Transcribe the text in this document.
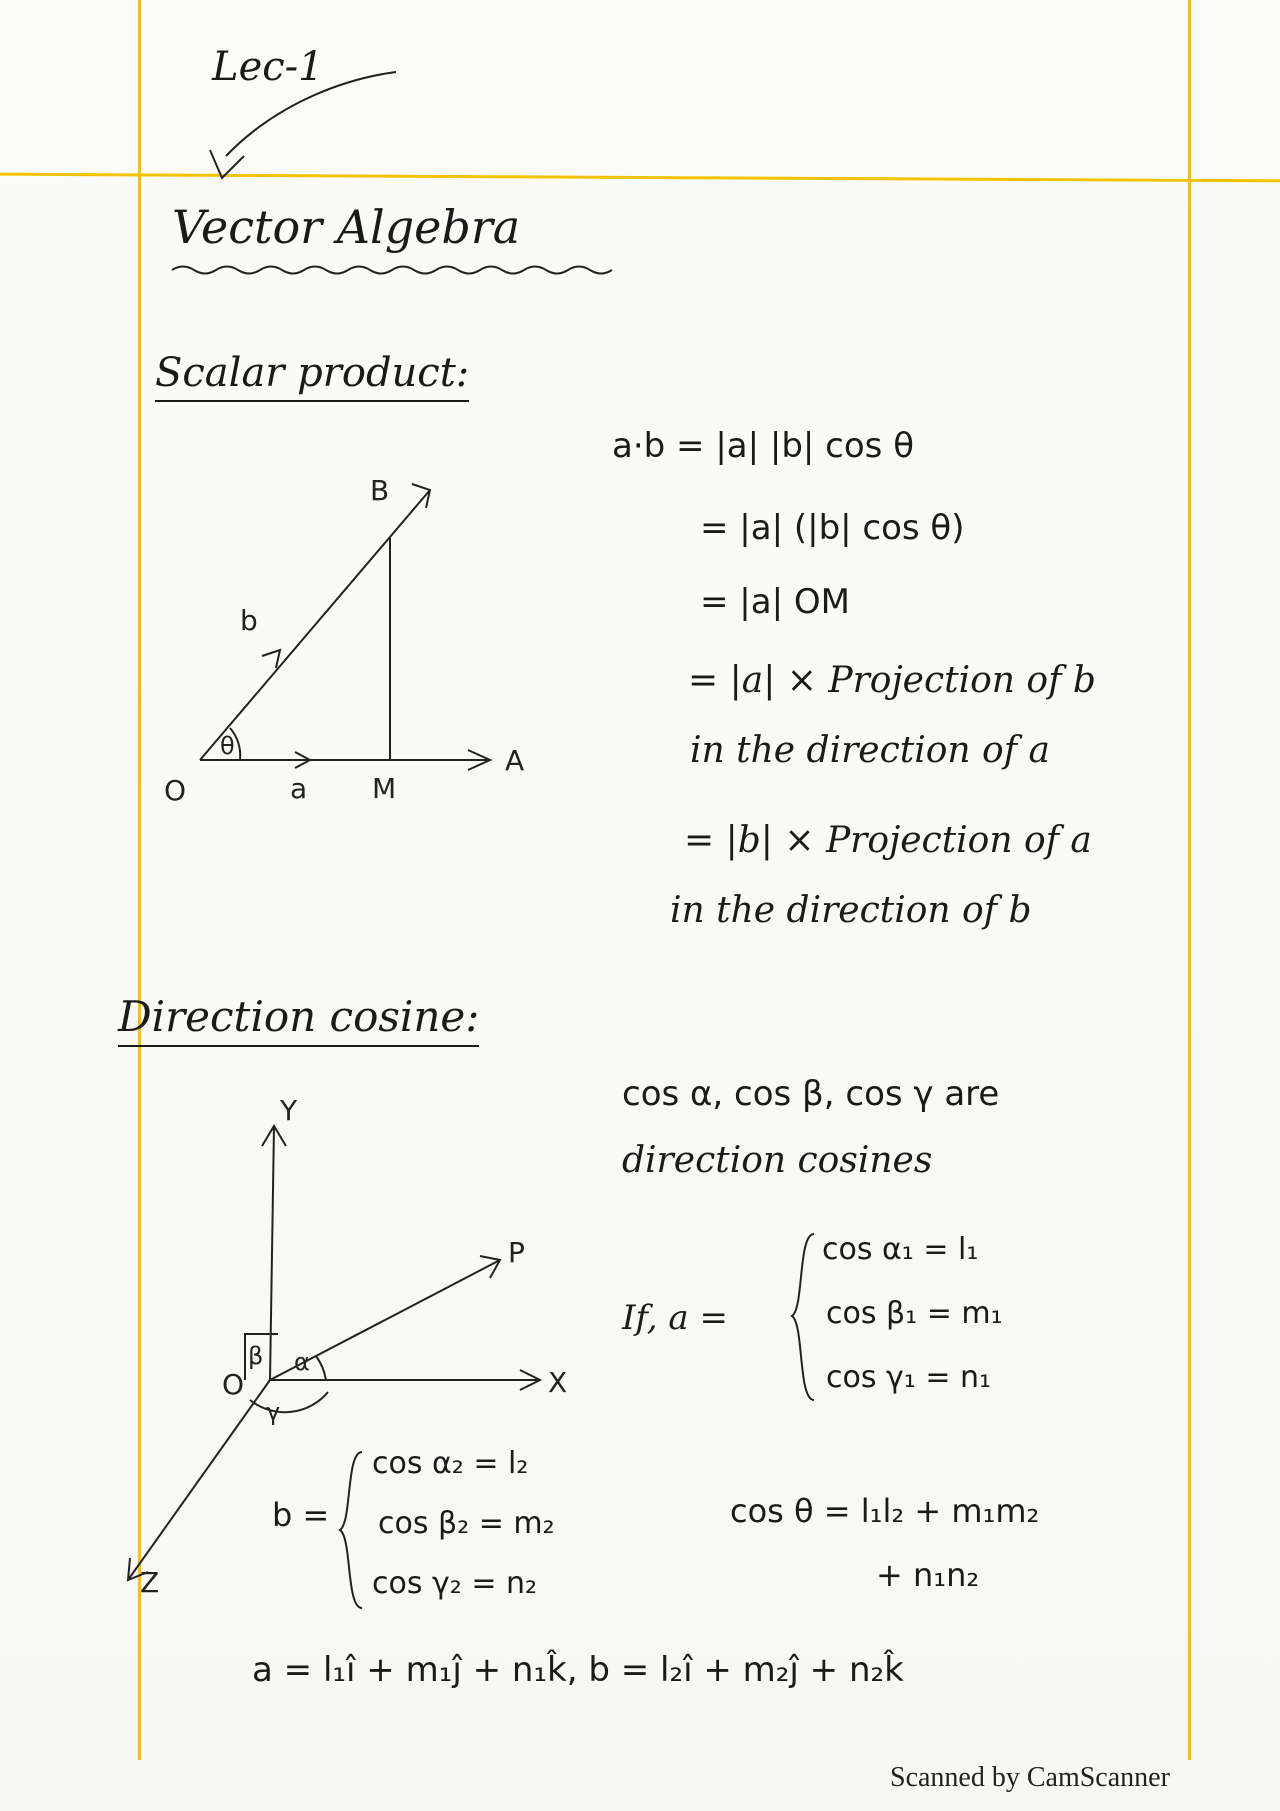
Lec-1
Vector Algebra
Scalar product:
B
b
θ	A
O	a M
a·b = |a| |b| cos θ
= |a| (|b| cos θ)
= |a| OM
= |a| × Projection of b
in the direction of a
= |b| × Projection of a
in the direction of b
Direction cosine:
Y
P
X
O
β α
γ
Z
cos α, cos β, cos γ are
direction cosines
If, a =
cos α₁ = l₁
cos β₁ = m₁
cos γ₁ = n₁
b =
cos α₂ = l₂
cos β₂ = m₂
cos γ₂ = n₂
cos θ = l₁l₂ + m₁m₂
+ n₁n₂
a = l₁î + m₁ĵ + n₁k̂, b = l₂î + m₂ĵ + n₂k̂
Scanned by CamScanner
